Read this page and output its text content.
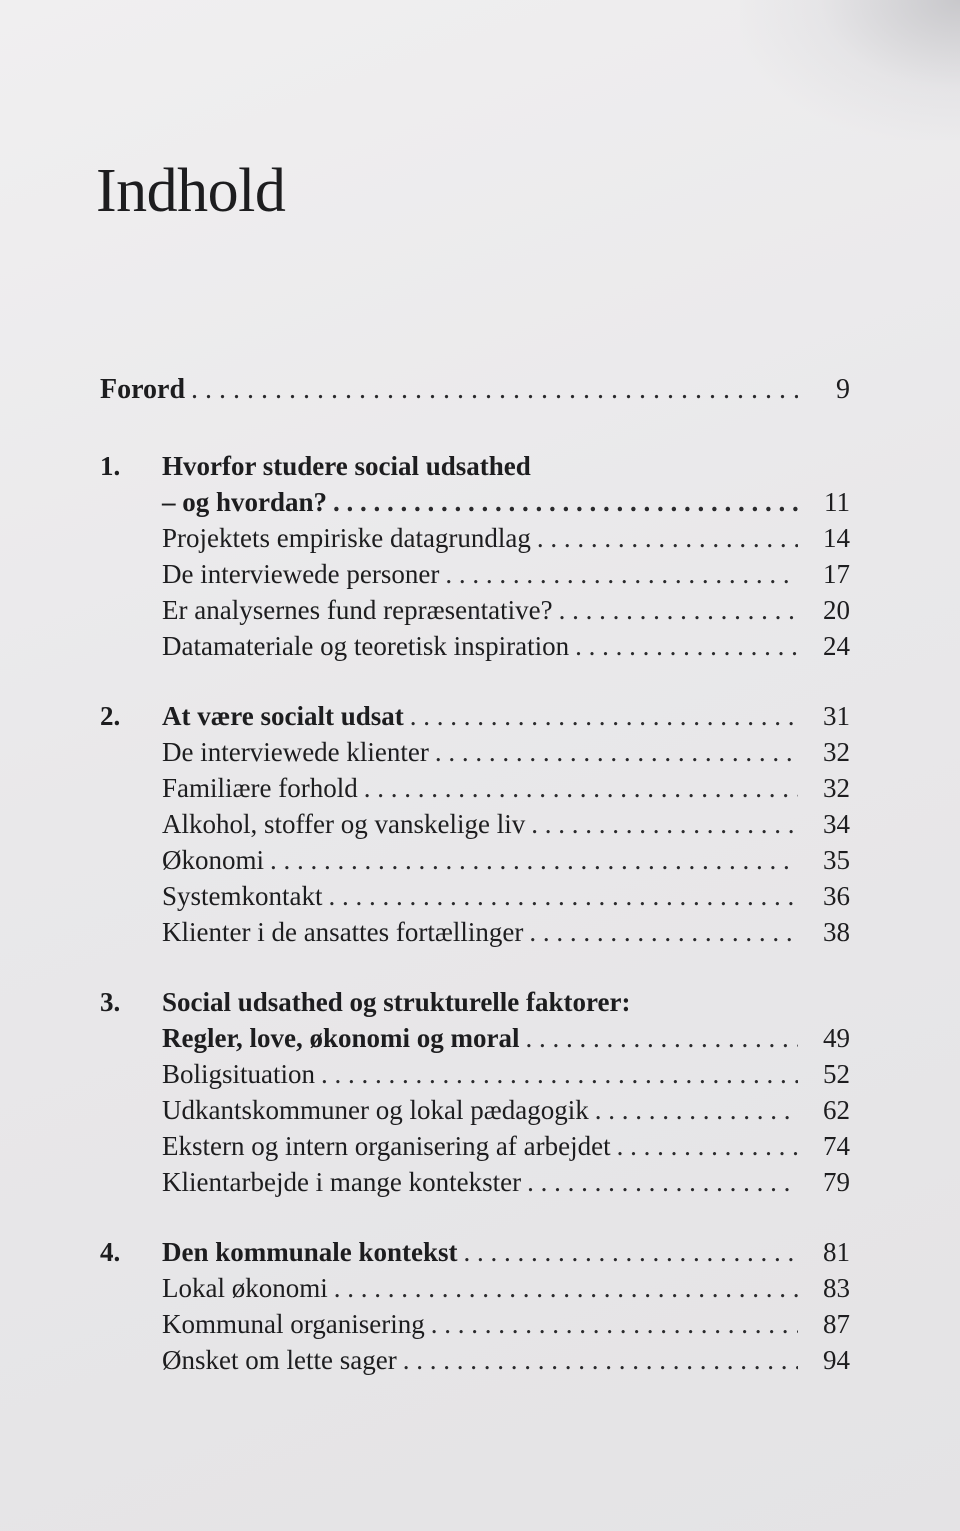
Indhold
Forord . . .	9
1.	Hvorfor studere social udsathed
– og hvordan? . . .	11
Projektets empiriske datagrundlag . . .	14
De interviewede personer . . .	17
Er analysernes fund repræsentative? . . .	20
Datamateriale og teoretisk inspiration . . .	24
2.	At være socialt udsat . . .	31
De interviewede klienter . . .	32
Familiære forhold . . .	32
Alkohol, stoffer og vanskelige liv . . .	34
Økonomi . . .	35
Systemkontakt . . .	36
Klienter i de ansattes fortællinger . . .	38
3.	Social udsathed og strukturelle faktorer:
Regler, love, økonomi og moral . . .	49
Boligsituation . . .	52
Udkantskommuner og lokal pædagogik . . .	62
Ekstern og intern organisering af arbejdet . . .	74
Klientarbejde i mange kontekster . . .	79
4.	Den kommunale kontekst . . .	81
Lokal økonomi . . .	83
Kommunal organisering . . .	87
Ønsket om lette sager . . .	94
